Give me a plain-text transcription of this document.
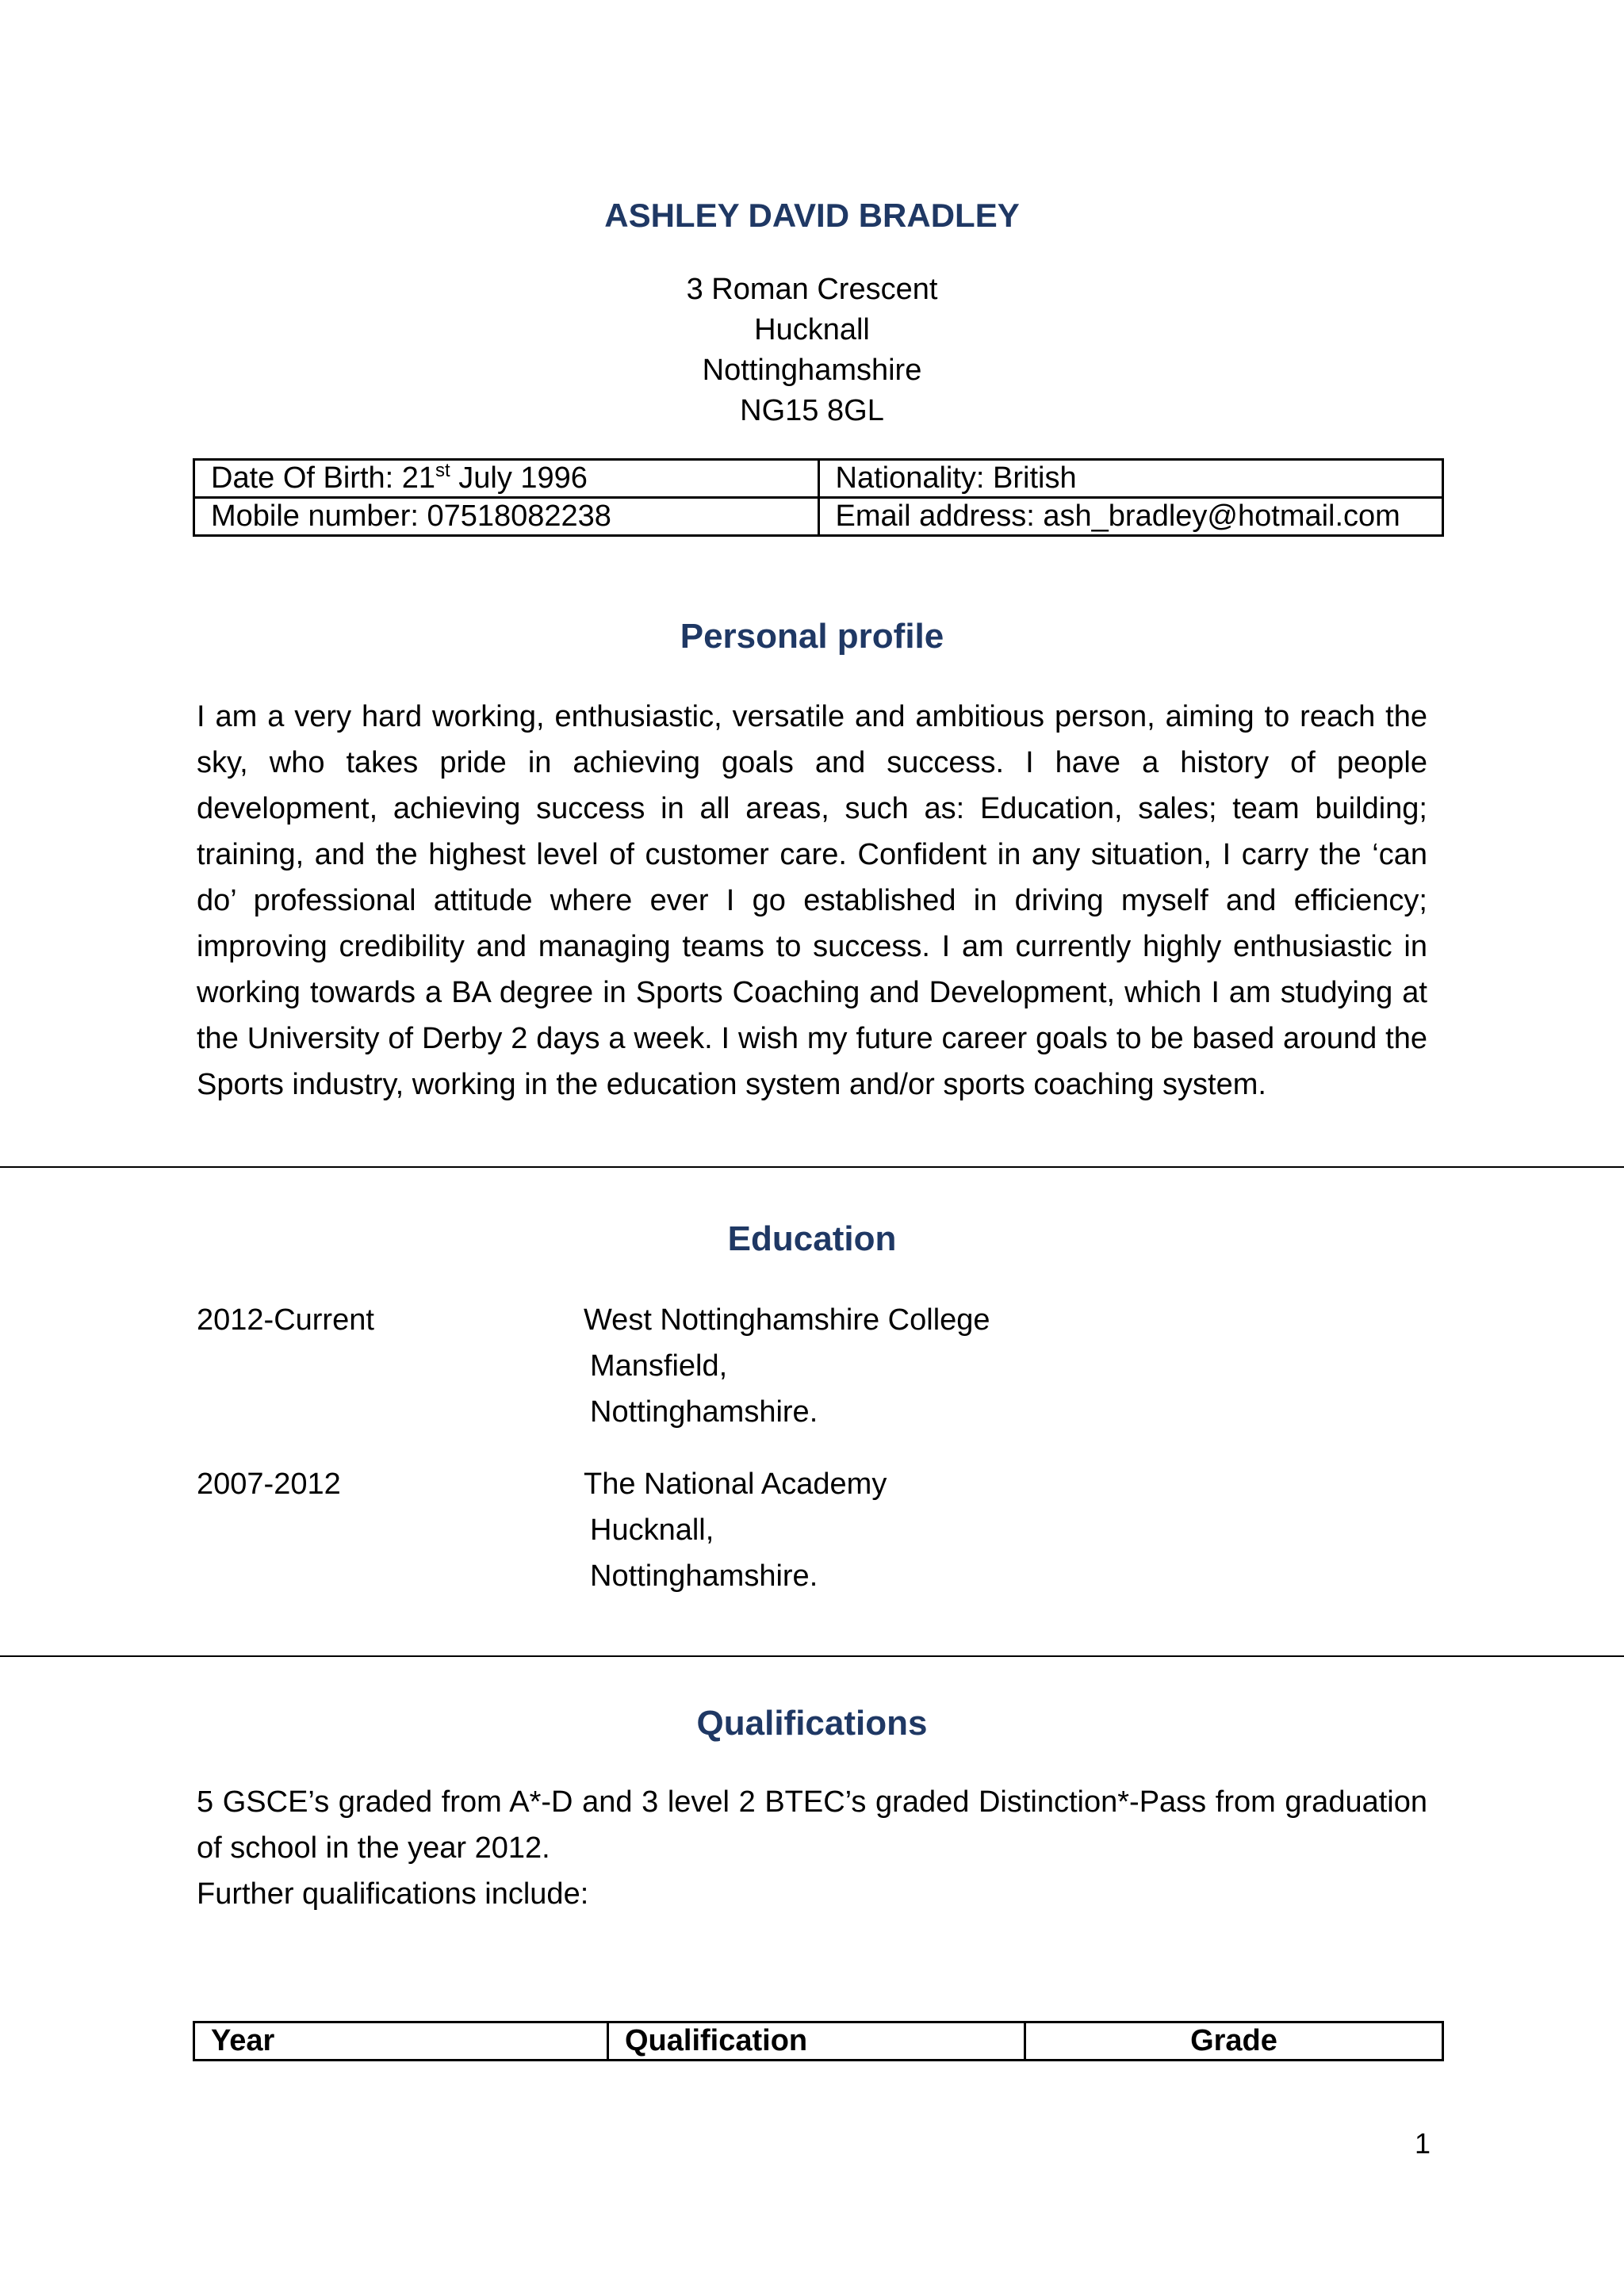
ASHLEY DAVID BRADLEY
3 Roman Crescent
Hucknall
Nottinghamshire
NG15 8GL
Date Of Birth: 21st July 1996	Nationality: British
Mobile number: 07518082238	Email address: ash_bradley@hotmail.com
Personal profile
I am a very hard working, enthusiastic, versatile and ambitious person, aiming to reach the sky, who takes pride in achieving goals and success. I have a history of people development, achieving success in all areas, such as: Education, sales; team building; training, and the highest level of customer care. Confident in any situation, I carry the ‘can do’ professional attitude where ever I go established in driving myself and efficiency; improving credibility and managing teams to success. I am currently highly enthusiastic in working towards a BA degree in Sports Coaching and Development, which I am studying at the University of Derby 2 days a week. I wish my future career goals to be based around the Sports industry, working in the education system and/or sports coaching system.
Education
2012-Current	West Nottinghamshire College
Mansfield,
Nottinghamshire.
2007-2012	The National Academy
Hucknall,
Nottinghamshire.
Qualifications
5 GSCE’s graded from A*-D and 3 level 2 BTEC’s graded Distinction*-Pass from graduation of school in the year 2012.
Further qualifications include:
Year	Qualification	Grade
1
